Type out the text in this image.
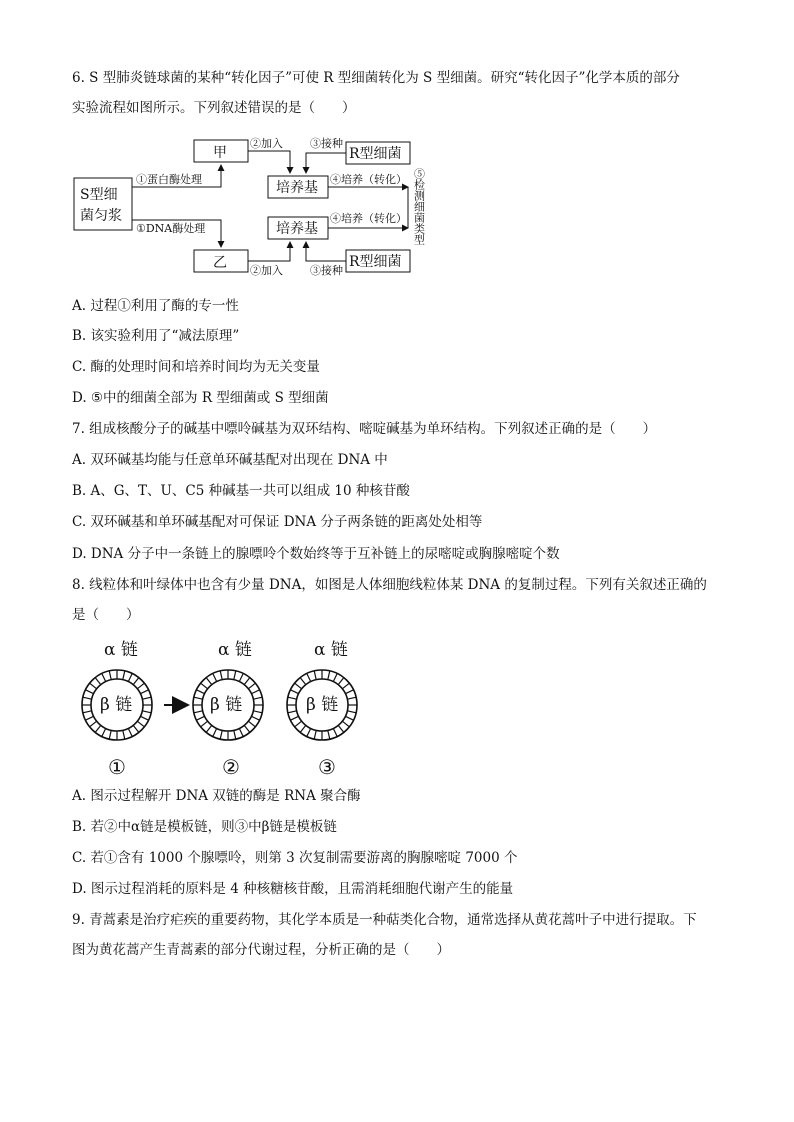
6. S 型肺炎链球菌的某种“转化因子”可使 R 型细菌转化为 S 型细菌。研究“转化因子”化学本质的部分
实验流程如图所示。下列叙述错误的是（　　）
S型细
菌匀浆
甲
乙
培养基
培养基
R型细菌
R型细菌
①蛋白酶处理
①DNA酶处理
②加入
②加入
③接种
③接种
④培养（转化）
④培养（转化） ⑤检测细菌类型
A. 过程①利用了酶的专一性
B. 该实验利用了“减法原理”
C. 酶的处理时间和培养时间均为无关变量
D. ⑤中的细菌全部为 R 型细菌或 S 型细菌
7. 组成核酸分子的碱基中嘌呤碱基为双环结构、嘧啶碱基为单环结构。下列叙述正确的是（　　）
A. 双环碱基均能与任意单环碱基配对出现在 DNA 中
B. A、G、T、U、C5 种碱基一共可以组成 10 种核苷酸
C. 双环碱基和单环碱基配对可保证 DNA 分子两条链的距离处处相等
D. DNA 分子中一条链上的腺嘌呤个数始终等于互补链上的尿嘧啶或胸腺嘧啶个数
8. 线粒体和叶绿体中也含有少量 DNA，如图是人体细胞线粒体某 DNA 的复制过程。下列有关叙述正确的
是（　　）
α 链	α 链	α 链
β 链	β 链	β 链
①	②	③
A. 图示过程解开 DNA 双链的酶是 RNA 聚合酶
B. 若②中α链是模板链，则③中β链是模板链
C. 若①含有 1000 个腺嘌呤，则第 3 次复制需要游离的胸腺嘧啶 7000 个
D. 图示过程消耗的原料是 4 种核糖核苷酸，且需消耗细胞代谢产生的能量
9. 青蒿素是治疗疟疾的重要药物，其化学本质是一种萜类化合物，通常选择从黄花蒿叶子中进行提取。下
图为黄花蒿产生青蒿素的部分代谢过程，分析正确的是（　　）
